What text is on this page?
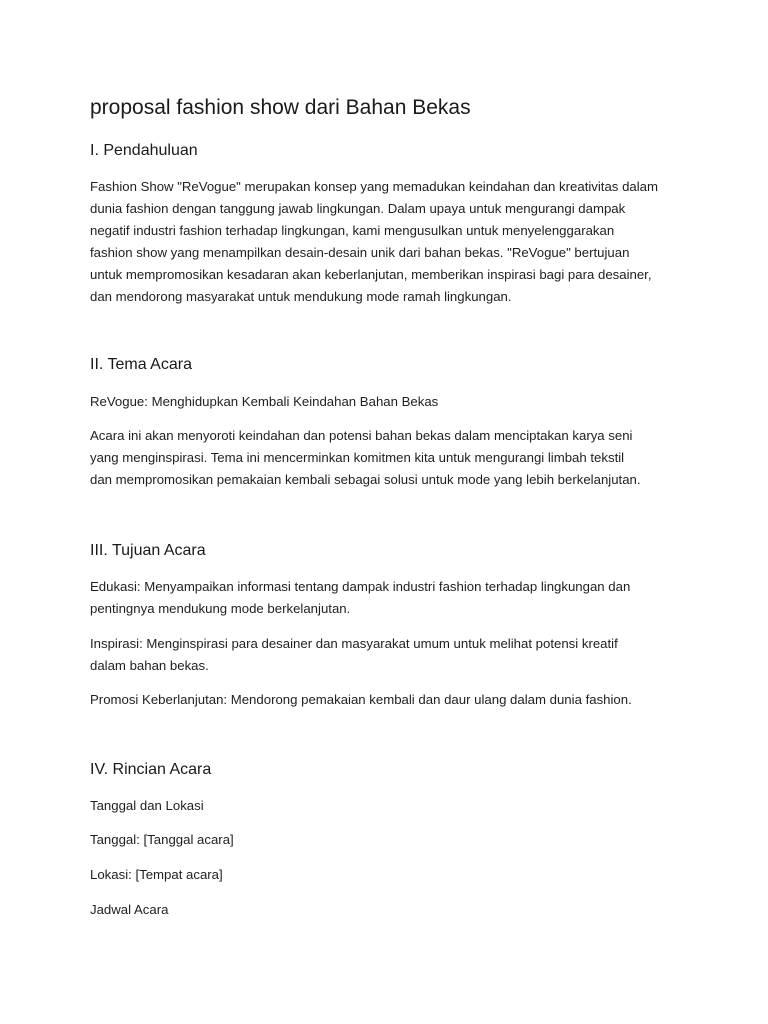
proposal fashion show dari Bahan Bekas
I. Pendahuluan
Fashion Show "ReVogue" merupakan konsep yang memadukan keindahan dan kreativitas dalam
dunia fashion dengan tanggung jawab lingkungan. Dalam upaya untuk mengurangi dampak
negatif industri fashion terhadap lingkungan, kami mengusulkan untuk menyelenggarakan
fashion show yang menampilkan desain-desain unik dari bahan bekas. "ReVogue" bertujuan
untuk mempromosikan kesadaran akan keberlanjutan, memberikan inspirasi bagi para desainer,
dan mendorong masyarakat untuk mendukung mode ramah lingkungan.
II. Tema Acara
ReVogue: Menghidupkan Kembali Keindahan Bahan Bekas
Acara ini akan menyoroti keindahan dan potensi bahan bekas dalam menciptakan karya seni
yang menginspirasi. Tema ini mencerminkan komitmen kita untuk mengurangi limbah tekstil
dan mempromosikan pemakaian kembali sebagai solusi untuk mode yang lebih berkelanjutan.
III. Tujuan Acara
Edukasi: Menyampaikan informasi tentang dampak industri fashion terhadap lingkungan dan
pentingnya mendukung mode berkelanjutan.
Inspirasi: Menginspirasi para desainer dan masyarakat umum untuk melihat potensi kreatif
dalam bahan bekas.
Promosi Keberlanjutan: Mendorong pemakaian kembali dan daur ulang dalam dunia fashion.
IV. Rincian Acara
Tanggal dan Lokasi
Tanggal: [Tanggal acara]
Lokasi: [Tempat acara]
Jadwal Acara
